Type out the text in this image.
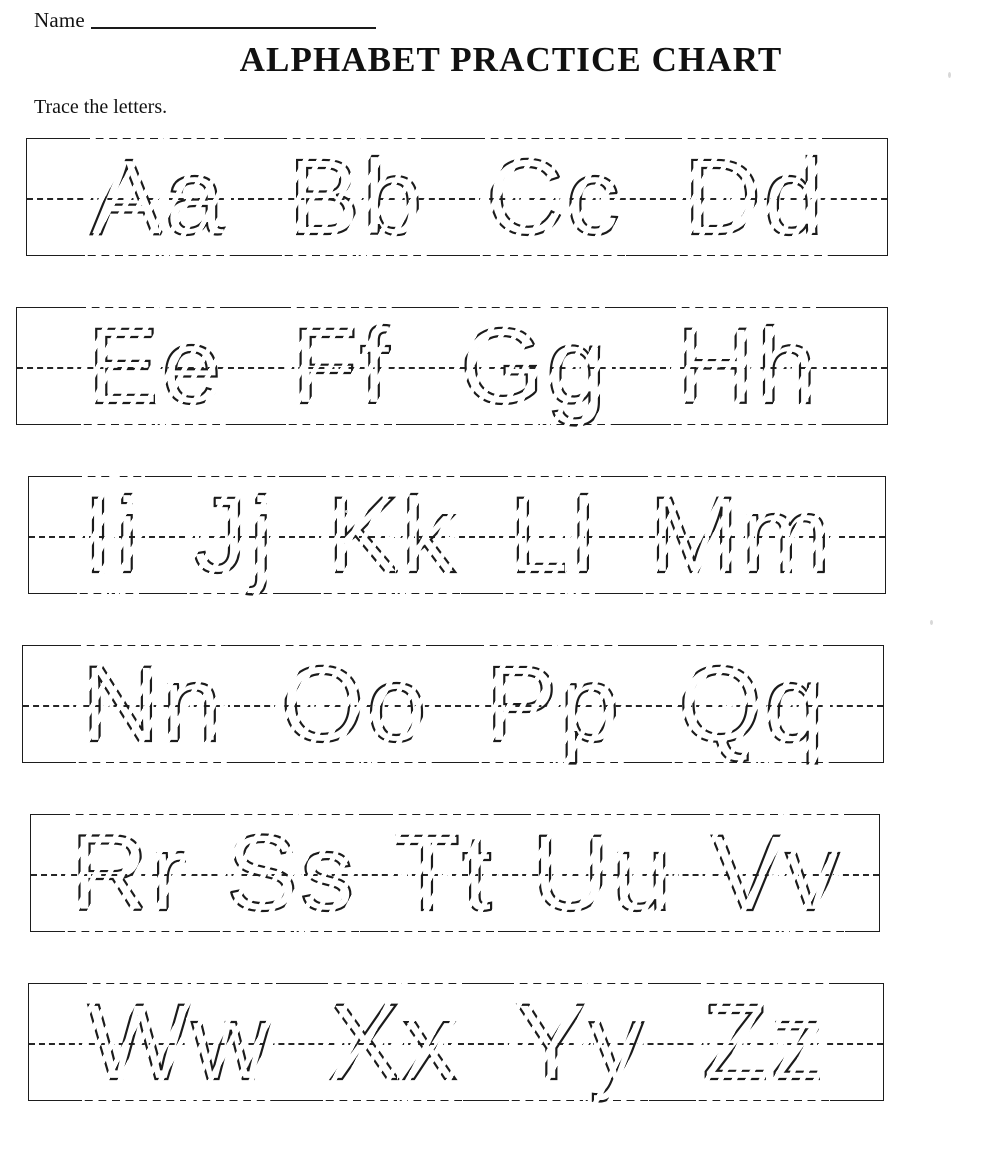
Name
ALPHABET PRACTICE CHART
Trace the letters.
A a B b C c D d
E e F f G g H h
I i J j K k L l M m
N n O o P p Q q
R r S s T t U u V v
W w X x Y y Z z
